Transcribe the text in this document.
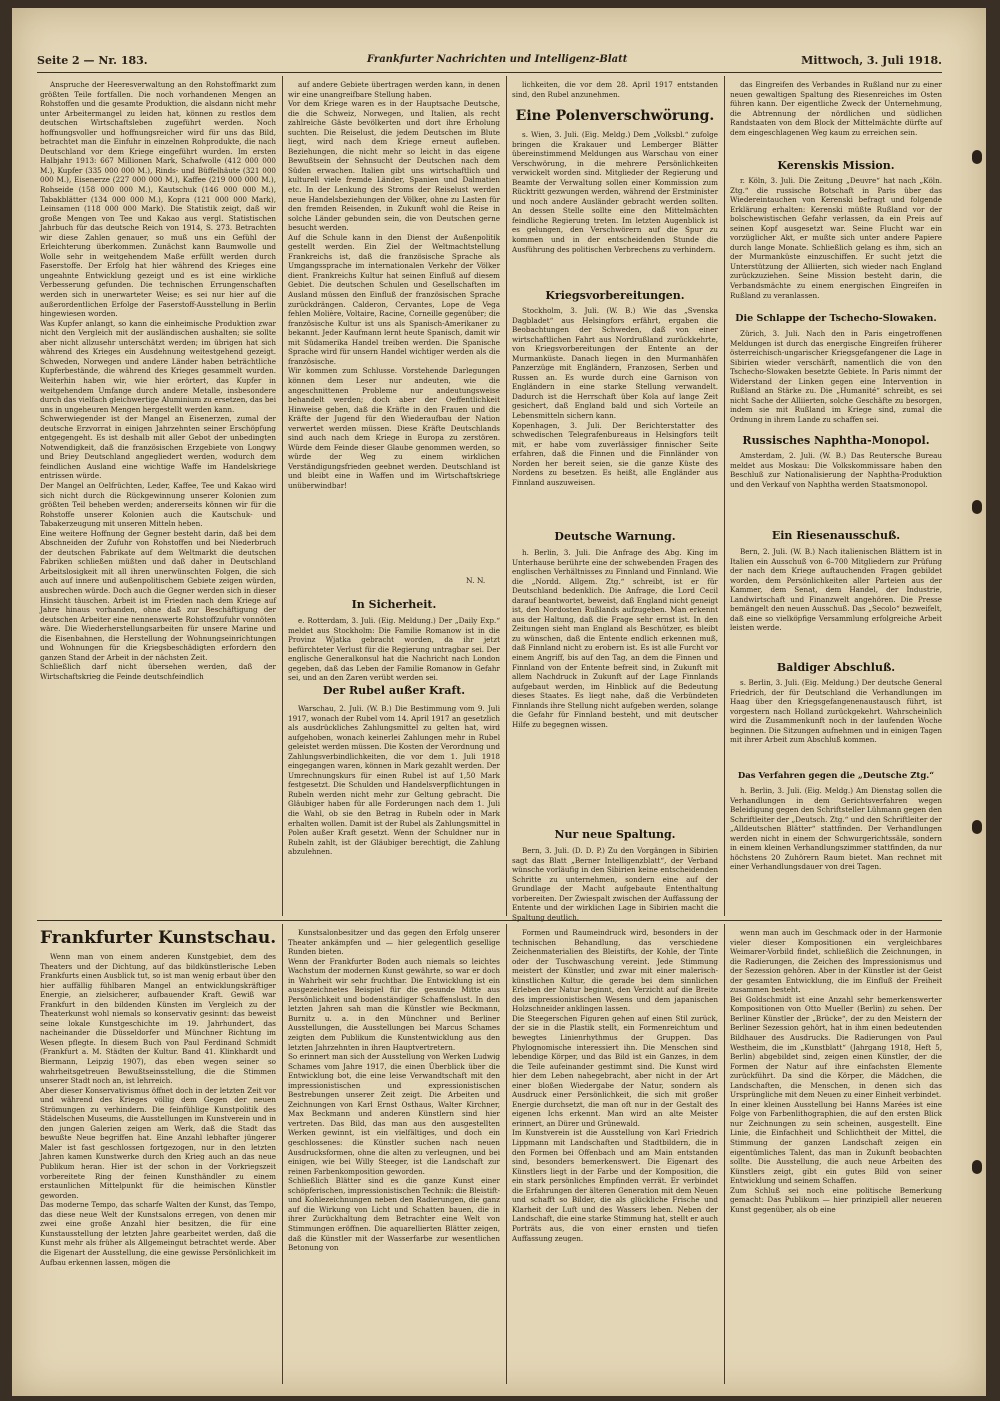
Seite 2 — Nr. 183.	Frankfurter Nachrichten und Intelligenz-Blatt	Mittwoch, 3. Juli 1918.

Anspruche der Heeresverwaltung an den Rohstoffmarkt zum größten Teile fortfallen. Die noch vorhandenen Mengen an Rohstoffen und die gesamte Produktion, die alsdann nicht mehr unter Arbeitermangel zu leiden hat, können zu restlos dem deutschen Wirtschaftsleben zugeführt werden. Noch hoffnungsvoller und hoffnungsreicher wird für uns das Bild, betrachtet man die Einfuhr in einzelnen Rohprodukte, die nach Deutschland vor dem Kriege eingeführt wurden. Im ersten Halbjahr 1913: 667 Millionen Mark, Schafwolle (412 000 000 M.), Kupfer (335 000 000 M.), Rinds- und Büffelhäute (321 000 000 M.), Eisenerze (227 000 000 M.), Kaffee (219 000 000 M.), Rohseide (158 000 000 M.), Kautschuk (146 000 000 M.), Tabakblätter (134 000 000 M.), Kopra (121 000 000 Mark), Leinsamen (118 000 000 Mark). Die Statistik zeigt, daß wir große Mengen von Tee und Kakao aus vergl. Statistischen Jahrbuch für das deutsche Reich von 1914, S. 273. Betrachten wir diese Zahlen genauer, so muß uns ein Gefühl der Erleichterung überkommen. Zunächst kann Baumwolle und Wolle sehr in weitgehendem Maße erfüllt werden durch Faserstoffe. Der Erfolg hat hier während des Krieges eine ungeahnte Entwicklung gezeigt und es ist eine wirkliche Verbesserung gefunden. Die technischen Errungenschaften werden sich in unerwarteter Weise; es sei nur hier auf die außerordentlichen Erfolge der Faserstoff-Ausstellung in Berlin hingewiesen worden.
Was Kupfer anlangt, so kann die einheimische Produktion zwar nicht den Vergleich mit der ausländischen aushalten; sie sollte aber nicht allzusehr unterschätzt werden; im übrigen hat sich während des Krieges ein Ausdehnung weitestgehend gezeigt. Schweden, Norwegen und andere Länder haben beträchtliche Kupferbestände, die während des Krieges gesammelt wurden. Weiterhin haben wir, wie hier erörtert, das Kupfer in weitgehendem Umfange durch andere Metalle, insbesondere durch das vielfach gleichwertige Aluminium zu ersetzen, das bei uns in ungeheuren Mengen hergestellt werden kann.
Schwerwiegender ist der Mangel an Eisenerzen, zumal der deutsche Erzvorrat in einigen Jahrzehnten seiner Erschöpfung entgegengeht. Es ist deshalb mit aller Gebot der unbedingten Notwendigkeit, daß die französischen Erzgebiete von Longwy und Briey Deutschland angegliedert werden, wodurch dem feindlichen Ausland eine wichtige Waffe im Handelskriege entrissen würde.
Der Mangel an Oelfrüchten, Leder, Kaffee, Tee und Kakao wird sich nicht durch die Rückgewinnung unserer Kolonien zum größten Teil beheben werden; andererseits können wir für die Rohstoffe unserer Kolonien auch die Kautschuk- und Tabakerzeugung mit unseren Mitteln heben.
Eine weitere Hoffnung der Gegner besteht darin, daß bei dem Abschneiden der Zufuhr von Rohstoffen und bei Niederbruch der deutschen Fabrikate auf dem Weltmarkt die deutschen Fabriken schließen müßten und daß daher in Deutschland Arbeitslosigkeit mit all ihren unerwünschten Folgen, die sich auch auf innere und außenpolitischem Gebiete zeigen würden, ausbrechen würde. Doch auch die Gegner werden sich in dieser Hinsicht täuschen. Arbeit ist im Frieden nach dem Kriege auf Jahre hinaus vorhanden, ohne daß zur Beschäftigung der deutschen Arbeiter eine nennenswerte Rohstoffzufuhr vonnöten wäre. Die Wiederherstellungsarbeiten für unsere Marine und die Eisenbahnen, die Herstellung der Wohnungseinrichtungen und Wohnungen für die Kriegsbeschädigten erfordern den ganzen Stand der Arbeit in der nächsten Zeit.
Schließlich darf nicht übersehen werden, daß der Wirtschaftskrieg die Feinde deutschfeindlich

auf andere Gebiete übertragen werden kann, in denen wir eine unangreifbare Stellung haben.
Vor dem Kriege waren es in der Hauptsache Deutsche, die die Schweiz, Norwegen, und Italien, als recht zahlreiche Gäste bevölkerten und dort ihre Erholung suchten. Die Reiselust, die jedem Deutschen im Blute liegt, wird nach dem Kriege erneut aufleben. Beziehungen, die nicht mehr so leicht in das eigene Bewußtsein der Sehnsucht der Deutschen nach dem Süden erwachen. Italien gibt uns wirtschaftlich und kulturell viele fremde Länder, Spanien und Dalmatien etc. In der Lenkung des Stroms der Reiselust werden neue Handelsbeziehungen der Völker, ohne zu Lasten für den fremden Reisenden, in Zukunft wohl die Reise in solche Länder gebunden sein, die von Deutschen gerne besucht werden.
Auf die Schule kann in den Dienst der Außenpolitik gestellt werden. Ein Ziel der Weltmachtstellung Frankreichs ist, daß die französische Sprache als Umgangssprache im internationalen Verkehr der Völker dient. Frankreichs Kultur hat seinen Einfluß auf diesem Gebiet. Die deutschen Schulen und Gesellschaften im Ausland müssen den Einfluß der französischen Sprache zurückdrängen. Calderon, Cervantes, Lope de Vega fehlen Molière, Voltaire, Racine, Corneille gegenüber; die französische Kultur ist uns als Spanisch-Amerikaner zu bekannt. Jeder Kaufmann lernt heute Spanisch, damit wir mit Südamerika Handel treiben werden. Die Spanische Sprache wird für unsern Handel wichtiger werden als die französische.
Wir kommen zum Schlusse. Vorstehende Darlegungen können dem Leser nur andeuten, wie die angeschnittenen Probleme nur andeutungsweise behandelt werden; doch aber der Oeffentlichkeit Hinweise geben, daß die Kräfte in den Frauen und die Kräfte der Jugend für den Wiederaufbau der Nation verwertet werden müssen. Diese Kräfte Deutschlands sind auch nach dem Kriege in Europa zu zerstören. Würde dem Feinde dieser Glaube genommen werden, so würde der Weg zu einem wirklichen Verständigungsfrieden geebnet werden. Deutschland ist und bleibt eine in Waffen und im Wirtschaftskriege unüberwindbar!

N. N.
In Sicherheit.

e. Rotterdam, 3. Juli. (Eig. Meldung.) Der „Daily Exp.“ meldet aus Stockholm: Die Familie Romanow ist in die Provinz Wjatka gebracht worden, da ihr jetzt befürchteter Verlust für die Regierung untragbar sei. Der englische Generalkonsul hat die Nachricht nach London gegeben, daß das Leben der Familie Romanow in Gefahr sei, und an den Zaren verübt werden sei.

Der Rubel außer Kraft.

Warschau, 2. Juli. (W. B.) Die Bestimmung vom 9. Juli 1917, wonach der Rubel vom 14. April 1917 an gesetzlich als ausdrückliches Zahlungsmittel zu gelten hat, wird aufgehoben, wonach keinerlei Zahlungen mehr in Rubel geleistet werden müssen. Die Kosten der Verordnung und Zahlungsverbindlichkeiten, die vor dem 1. Juli 1918 eingegangen waren, können in Mark gezahlt werden. Der Umrechnungskurs für einen Rubel ist auf 1,50 Mark festgesetzt. Die Schulden und Handelsverpflichtungen in Rubeln werden nicht mehr zur Geltung gebracht. Die Gläubiger haben für alle Forderungen nach dem 1. Juli die Wahl, ob sie den Betrag in Rubeln oder in Mark erhalten wollen. Damit ist der Rubel als Zahlungsmittel in Polen außer Kraft gesetzt. Wenn der Schuldner nur in Rubeln zahlt, ist der Gläubiger berechtigt, die Zahlung abzulehnen.

lichkeiten, die vor dem 28. April 1917 entstanden sind, den Rubel anzunehmen.

Eine Polenverschwörung.

s. Wien, 3. Juli. (Eig. Meldg.) Dem „Volksbl.“ zufolge bringen die Krakauer und Lemberger Blätter übereinstimmend Meldungen aus Warschau von einer Verschwörung, in die mehrere Persönlichkeiten verwickelt worden sind. Mitglieder der Regierung und Beamte der Verwaltung sollen einer Kommission zum Rücktritt gezwungen werden, während der Erstminister und noch andere Ausländer gebracht werden sollten. An dessen Stelle sollte eine den Mittelmächten feindliche Regierung treten. Im letzten Augenblick ist es gelungen, den Verschwörern auf die Spur zu kommen und in der entscheidenden Stunde die Ausführung des politischen Verbrechens zu verhindern.

Kriegsvorbereitungen.

Stockholm, 3. Juli. (W. B.) Wie das „Svenska Dagbladet“ aus Helsingfors erfährt, ergaben die Beobachtungen der Schweden, daß von einer wirtschaftlichen Fahrt aus Nordrußland zurückkehrte, von Kriegsvorbereitungen der Entente an der Murmanküste. Danach liegen in den Murmanhäfen Panzerzüge mit Engländern, Franzosen, Serben und Russen an. Es wurde durch eine Garnison von Engländern in eine starke Stellung verwandelt. Dadurch ist die Herrschaft über Kola auf lange Zeit gesichert, daß England bald und sich Vorteile an Lebensmitteln sichern kann.
Kopenhagen, 3. Juli. Der Berichterstatter des schwedischen Telegrafenbureaus in Helsingfors teilt mit, er habe vom zuverlässiger finnischer Seite erfahren, daß die Finnen und die Finnländer von Norden her bereit seien, sie die ganze Küste des Nordens zu besetzen. Es heißt, alle Engländer aus Finnland auszuweisen.

Deutsche Warnung.

h. Berlin, 3. Juli. Die Anfrage des Abg. King im Unterhause berührte eine der schwebenden Fragen des englischen Verhältnisses zu Finnland und Finnland. Wie die „Nordd. Allgem. Ztg.“ schreibt, ist er für Deutschland bedenklich. Die Anfrage, die Lord Cecil darauf beantwortet, beweist, daß England nicht geneigt ist, den Nordosten Rußlands aufzugeben. Man erkennt aus der Haltung, daß die Frage sehr ernst ist. In den Zeitungen sieht man England als Beschützer, es bleibt zu wünschen, daß die Entente endlich erkennen muß, daß Finnland nicht zu erobern ist. Es ist alle Furcht vor einem Angriff, bis auf den Tag, an dem die Finnen und Finnland von der Entente befreit sind, in Zukunft mit allem Nachdruck in Zukunft auf der Lage Finnlands aufgebaut werden, im Hinblick auf die Bedeutung dieses Staates. Es liegt nahe, daß die Verbündeten Finnlands ihre Stellung nicht aufgeben werden, solange die Gefahr für Finnland besteht, und mit deutscher Hilfe zu begegnen wissen.

Nur neue Spaltung.

Bern, 3. Juli. (D. D. P.) Zu den Vorgängen in Sibirien sagt das Blatt „Berner Intelligenzblatt“, der Verband wünsche vorläufig in den Sibirien keine entscheidenden Schritte zu unternehmen, sondern eine auf der Grundlage der Macht aufgebaute Ententhaltung vorbereiten. Der Zwiespalt zwischen der Auffassung der Entente und der wirklichen Lage in Sibirien macht die Spaltung deutlich.

das Eingreifen des Verbandes in Rußland nur zu einer neuen gewaltigen Spaltung des Riesenreiches im Osten führen kann. Der eigentliche Zweck der Unternehmung, die Abtrennung der nördlichen und südlichen Randstaaten von dem Block der Mittelmächte dürfte auf dem eingeschlagenen Weg kaum zu erreichen sein.

Kerenskis Mission.

r. Köln, 3. Juli. Die Zeitung „Deuvre“ hat nach „Köln. Ztg.“ die russische Botschaft in Paris über das Wiedereintauchen von Kerenski befragt und folgende Erklärung erhalten: Kerenski müßte Rußland vor der bolschewistischen Gefahr verlassen, da ein Preis auf seinen Kopf ausgesetzt war. Seine Flucht war ein vorzüglicher Akt, er mußte sich unter andere Papiere durch lange Monate. Schließlich gelang es ihm, sich an der Murmanküste einzuschiffen. Er sucht jetzt die Unterstützung der Alliierten, sich wieder nach England zurückzuziehen. Seine Mission besteht darin, die Verbandsmächte zu einem energischen Eingreifen in Rußland zu veranlassen.

Die Schlappe der Tschecho-Slowaken.

Zürich, 3. Juli. Nach den in Paris eingetroffenen Meldungen ist durch das energische Eingreifen früherer österreichisch-ungarischer Kriegsgefangener die Lage in Sibirien wieder verschärft, namentlich die von den Tschecho-Slowaken besetzte Gebiete. In Paris nimmt der Widerstand der Linken gegen eine Intervention in Rußland an Stärke zu. Die „Humanité“ schreibt, es sei nicht Sache der Alliierten, solche Geschäfte zu besorgen, indem sie mit Rußland im Kriege sind, zumal die Ordnung in ihrem Lande zu schaffen sei.

Russisches Naphtha-Monopol.

Amsterdam, 2. Juli. (W. B.) Das Reutersche Bureau meldet aus Moskau: Die Volkskommissare haben den Beschluß zur Nationalisierung der Naphtha-Produktion und den Verkauf von Naphtha werden Staatsmonopol.

Ein Riesenausschuß.

Bern, 2. Juli. (W. B.) Nach italienischen Blättern ist in Italien ein Ausschuß von 6–700 Mitgliedern zur Prüfung der nach dem Kriege auftauchenden Fragen gebildet worden, dem Persönlichkeiten aller Parteien aus der Kammer, dem Senat, dem Handel, der Industrie, Landwirtschaft und Finanzwelt angehören. Die Presse bemängelt den neuen Ausschuß. Das „Secolo“ bezweifelt, daß eine so vielköpfige Versammlung erfolgreiche Arbeit leisten werde.

Baldiger Abschluß.

s. Berlin, 3. Juli. (Eig. Meldung.) Der deutsche General Friedrich, der für Deutschland die Verhandlungen im Haag über den Kriegsgefangenenaustausch führt, ist vorgestern nach Holland zurückgekehrt. Wahrscheinlich wird die Zusammenkunft noch in der laufenden Woche beginnen. Die Sitzungen aufnehmen und in einigen Tagen mit ihrer Arbeit zum Abschluß kommen.

Das Verfahren gegen die „Deutsche Ztg.“

h. Berlin, 3. Juli. (Eig. Meldg.) Am Dienstag sollen die Verhandlungen in dem Gerichtsverfahren wegen Beleidigung gegen den Schriftsteller Lühmann gegen den Schriftleiter der „Deutsch. Ztg.“ und den Schriftleiter der „Alldeutschen Blätter“ stattfinden. Der Verhandlungen werden nicht in einem der Schwurgerichtssäle, sondern in einem kleinen Verhandlungszimmer stattfinden, da nur höchstens 20 Zuhörern Raum bietet. Man rechnet mit einer Verhandlungsdauer von drei Tagen.

Frankfurter Kunstschau.

Wenn man von einem anderen Kunstgebiet, dem des Theaters und der Dichtung, auf das bildkünstlerische Leben Frankfurts einen Ausblick tut, so ist man wenig erbaut über den hier auffällig fühlbaren Mangel an entwicklungskräftiger Energie, an zielsicherer, aufbauender Kraft. Gewiß war Frankfurt in den bildenden Künsten im Vergleich zu der Theaterkunst wohl niemals so konservativ gesinnt: das beweist seine lokale Kunstgeschichte im 19. Jahrhundert, das nacheinander die Düsseldorfer und Münchner Richtung im Wesen pflegte. In diesem Buch von Paul Ferdinand Schmidt (Frankfurt a. M. Städten der Kultur. Band 41. Klinkhardt und Biermann, Leipzig 1907), das eben wegen seiner so wahrheitsgetreuen Bewußtseinsstellung, die die Stimmen unserer Stadt noch an, ist lehrreich.
Aber dieser Konservativismus öffnet doch in der letzten Zeit vor und während des Krieges völlig dem Gegen der neuen Strömungen zu verhindern. Die feinfühlige Kunstpolitik des Städelschen Museums, die Ausstellungen im Kunstverein und in den jungen Galerien zeigen am Werk, daß die Stadt das bewußte Neue begriffen hat. Eine Anzahl lebhafter jüngerer Maler ist fast geschlossen fortgezogen, nur in den letzten Jahren kamen Kunstwerke durch den Krieg auch an das neue Publikum heran. Hier ist der schon in der Vorkriegszeit vorbereitete Ring der feinen Kunsthändler zu einem erstaunlichen Mittelpunkt für die heimischen Künstler geworden.
Das moderne Tempo, das scharfe Walten der Kunst, das Tempo, das diese neue Welt der Kunstsalons erregen, von denen mir zwei eine große Anzahl hier besitzen, die für eine Kunstausstellung der letzten Jahre gearbeitet werden, daß die Kunst mehr als früher als Allgemeingut betrachtet werde. Aber die Eigenart der Ausstellung, die eine gewisse Persönlichkeit im Aufbau erkennen lassen, mögen die

Kunstsalonbesitzer und das gegen den Erfolg unserer Theater ankämpfen und — hier gelegentlich gesellige Runden bieten.
Wenn der Frankfurter Boden auch niemals so leichtes Wachstum der modernen Kunst gewährte, so war er doch in Wahrheit wir sehr fruchtbar. Die Entwicklung ist ein ausgezeichnetes Beispiel für die gesunde Mitte aus Persönlichkeit und bodenständiger Schaffenslust. In den letzten Jahren sah man die Künstler wie Beckmann, Burnitz u. a. in den Münchner und Berliner Ausstellungen, die Ausstellungen bei Marcus Schames zeigten dem Publikum die Kunstentwicklung aus den letzten Jahrzehnten in ihren Hauptvertretern.
So erinnert man sich der Ausstellung von Werken Ludwig Schames vom Jahre 1917, die einen Überblick über die Entwicklung bot, die eine leise Verwandtschaft mit den impressionistischen und expressionistischen Bestrebungen unserer Zeit zeigt. Die Arbeiten und Zeichnungen von Karl Ernst Osthaus, Walter Kirchner, Max Beckmann und anderen Künstlern sind hier vertreten. Das Bild, das man aus den ausgestellten Werken gewinnt, ist ein vielfältiges, und doch ein geschlossenes: die Künstler suchen nach neuen Ausdrucksformen, ohne die alten zu verleugnen, und bei einigen, wie bei Willy Steeger, ist die Landschaft zur reinen Farbenkomposition geworden.
Schließlich Blätter sind es die ganze Kunst einer schöpferischen, impressionistischen Technik: die Bleistift- und Kohlezeichnungen neben den Radierungen, die ganz auf die Wirkung von Licht und Schatten bauen, die in ihrer Zurückhaltung dem Betrachter eine Welt von Stimmungen eröffnen. Die aquarellierten Blätter zeigen, daß die Künstler mit der Wasserfarbe zur wesentlichen Betonung von

Formen und Raumeindruck wird, besonders in der technischen Behandlung, das verschiedene Zeichenmaterialien des Bleistifts, der Kohle, der Tinte oder der Tuschwaschung vereint. Jede Stimmung meistert der Künstler, und zwar mit einer malerisch-künstlichen Kultur, die gerade bei dem sinnlichen Erleben der Natur beginnt, den Verzicht auf die Breite des impressionistischen Wesens und dem japanischen Holzschneider anklingen lassen.
Die Steegerschen Figuren gehen auf einen Stil zurück, der sie in die Plastik stellt, ein Formenreichtum und bewegtes Linienrhythmus der Gruppen. Das Phylognomische interessiert ihn. Die Menschen sind lebendige Körper, und das Bild ist ein Ganzes, in dem die Teile aufeinander gestimmt sind. Die Kunst wird hier dem Leben nahegebracht, aber nicht in der Art einer bloßen Wiedergabe der Natur, sondern als Ausdruck einer Persönlichkeit, die sich mit großer Energie durchsetzt, die man oft nur in der Gestalt des eigenen Ichs erkennt. Man wird an alte Meister erinnert, an Dürer und Grünewald.
Im Kunstverein ist die Ausstellung von Karl Friedrich Lippmann mit Landschaften und Stadtbildern, die in den Formen bei Offenbach und am Main entstanden sind, besonders bemerkenswert. Die Eigenart des Künstlers liegt in der Farbe und der Komposition, die ein stark persönliches Empfinden verrät. Er verbindet die Erfahrungen der älteren Generation mit dem Neuen und schafft so Bilder, die als glückliche Frische und Klarheit der Luft und des Wassers leben. Neben der Landschaft, die eine starke Stimmung hat, stellt er auch Porträts aus, die von einer ernsten und tiefen Auffassung zeugen.

wenn man auch im Geschmack oder in der Harmonie vieler dieser Kompositionen ein vergleichbares Weimarer-Vorbild findet, schließlich die Zeichnungen, in die Radierungen, die Zeichen des Impressionismus und der Sezession gehören. Aber in der Künstler ist der Geist der gesamten Entwicklung, die im Einfluß der Freiheit zusammen besteht.
Bei Goldschmidt ist eine Anzahl sehr bemerkenswerter Kompositionen von Otto Mueller (Berlin) zu sehen. Der Berliner Künstler der „Brücke“, der zu den Meistern der Berliner Sezession gehört, hat in ihm einen bedeutenden Bildhauer des Ausdrucks. Die Radierungen von Paul Westheim, die im „Kunstblatt“ (Jahrgang 1918, Heft 5, Berlin) abgebildet sind, zeigen einen Künstler, der die Formen der Natur auf ihre einfachsten Elemente zurückführt. Da sind die Körper, die Mädchen, die Landschaften, die Menschen, in denen sich das Ursprüngliche mit dem Neuen zu einer Einheit verbindet.
In einer kleinen Ausstellung bei Hanns Marées ist eine Folge von Farbenlithographien, die auf den ersten Blick nur Zeichnungen zu sein scheinen, ausgestellt. Eine Linie, die Einfachheit und Schlichtheit der Mittel, die Stimmung der ganzen Landschaft zeigen ein eigentümliches Talent, das man in Zukunft beobachten sollte. Die Ausstellung, die auch neue Arbeiten des Künstlers zeigt, gibt ein gutes Bild von seiner Entwicklung und seinem Schaffen.
Zum Schluß sei noch eine politische Bemerkung gemacht: Das Publikum — hier prinzipiell aller neueren Kunst gegenüber, als ob eine
